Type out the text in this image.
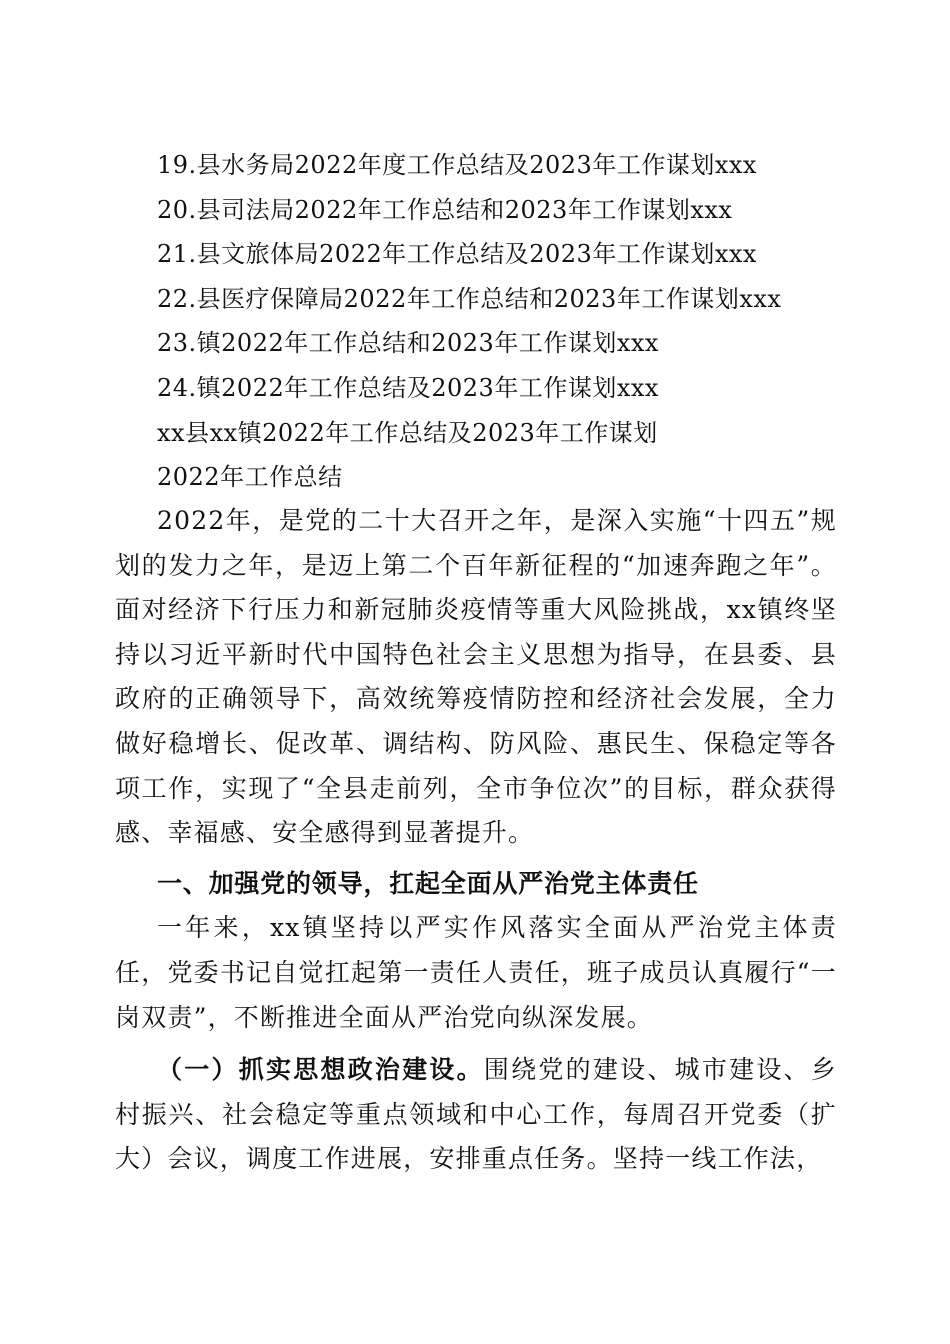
19.县水务局2022年度工作总结及2023年工作谋划xxx
20.县司法局2022年工作总结和2023年工作谋划xxx
21.县文旅体局2022年工作总结及2023年工作谋划xxx
22.县医疗保障局2022年工作总结和2023年工作谋划xxx
23.镇2022年工作总结和2023年工作谋划xxx
24.镇2022年工作总结及2023年工作谋划xxx
xx县xx镇2022年工作总结及2023年工作谋划
2022年工作总结

2022年，是党的二十大召开之年，是深入实施“十四五”规划的发力之年，是迈上第二个百年新征程的“加速奔跑之年”。面对经济下行压力和新冠肺炎疫情等重大风险挑战，xx镇终坚持以习近平新时代中国特色社会主义思想为指导，在县委、县政府的正确领导下，高效统筹疫情防控和经济社会发展，全力做好稳增长、促改革、调结构、防风险、惠民生、保稳定等各项工作，实现了“全县走前列，全市争位次”的目标，群众获得感、幸福感、安全感得到显著提升。

一、加强党的领导，扛起全面从严治党主体责任

一年来，xx镇坚持以严实作风落实全面从严治党主体责任，党委书记自觉扛起第一责任人责任，班子成员认真履行“一岗双责”，不断推进全面从严治党向纵深发展。

（一）抓实思想政治建设。围绕党的建设、城市建设、乡村振兴、社会稳定等重点领域和中心工作，每周召开党委（扩大）会议，调度工作进展，安排重点任务。坚持一线工作法，
